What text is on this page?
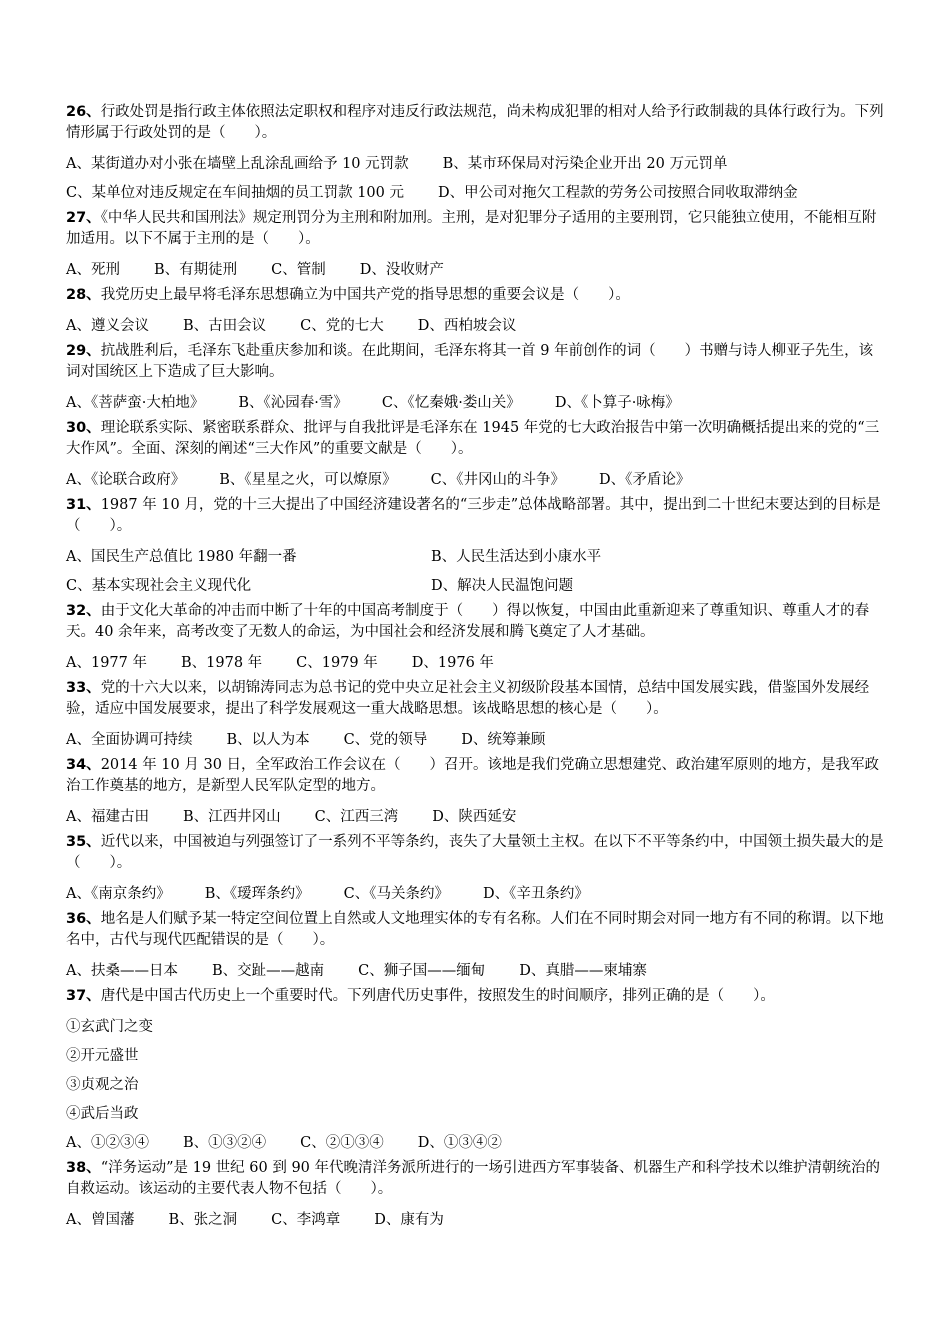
26、行政处罚是指行政主体依照法定职权和程序对违反行政法规范，尚未构成犯罪的相对人给予行政制裁的具体行政行为。下列情形属于行政处罚的是（　　）。

A、某街道办对小张在墙壁上乱涂乱画给予 10 元罚款 B、某市环保局对污染企业开出 20 万元罚单
C、某单位对违反规定在车间抽烟的员工罚款 100 元 D、甲公司对拖欠工程款的劳务公司按照合同收取滞纳金

27、《中华人民共和国刑法》规定刑罚分为主刑和附加刑。主刑，是对犯罪分子适用的主要刑罚，它只能独立使用，不能相互附加适用。以下不属于主刑的是（　　）。

A、死刑 B、有期徒刑 C、管制 D、没收财产

28、我党历史上最早将毛泽东思想确立为中国共产党的指导思想的重要会议是（　　）。

A、遵义会议 B、古田会议 C、党的七大 D、西柏坡会议

29、抗战胜利后，毛泽东飞赴重庆参加和谈。在此期间，毛泽东将其一首 9 年前创作的词（　　）书赠与诗人柳亚子先生，该词对国统区上下造成了巨大影响。

A、《菩萨蛮·大柏地》 B、《沁园春·雪》 C、《忆秦娥·娄山关》 D、《卜算子·咏梅》

30、理论联系实际、紧密联系群众、批评与自我批评是毛泽东在 1945 年党的七大政治报告中第一次明确概括提出来的党的“三大作风”。全面、深刻的阐述“三大作风”的重要文献是（　　）。

A、《论联合政府》 B、《星星之火，可以燎原》 C、《井冈山的斗争》 D、《矛盾论》

31、1987 年 10 月，党的十三大提出了中国经济建设著名的“三步走”总体战略部署。其中，提出到二十世纪末要达到的目标是（　　）。

A、国民生产总值比 1980 年翻一番	B、人民生活达到小康水平
C、基本实现社会主义现代化	D、解决人民温饱问题

32、由于文化大革命的冲击而中断了十年的中国高考制度于（　　）得以恢复，中国由此重新迎来了尊重知识、尊重人才的春天。40 余年来，高考改变了无数人的命运，为中国社会和经济发展和腾飞奠定了人才基础。

A、1977 年 B、1978 年 C、1979 年 D、1976 年

33、党的十六大以来，以胡锦涛同志为总书记的党中央立足社会主义初级阶段基本国情，总结中国发展实践，借鉴国外发展经验，适应中国发展要求，提出了科学发展观这一重大战略思想。该战略思想的核心是（　　）。

A、全面协调可持续 B、以人为本 C、党的领导 D、统筹兼顾

34、2014 年 10 月 30 日，全军政治工作会议在（　　）召开。该地是我们党确立思想建党、政治建军原则的地方，是我军政治工作奠基的地方，是新型人民军队定型的地方。

A、福建古田 B、江西井冈山 C、江西三湾 D、陕西延安

35、近代以来，中国被迫与列强签订了一系列不平等条约，丧失了大量领土主权。在以下不平等条约中，中国领土损失最大的是（　　）。

A、《南京条约》 B、《瑷珲条约》 C、《马关条约》 D、《辛丑条约》

36、地名是人们赋予某一特定空间位置上自然或人文地理实体的专有名称。人们在不同时期会对同一地方有不同的称谓。以下地名中，古代与现代匹配错误的是（　　）。

A、扶桑——日本 B、交趾——越南 C、狮子国——缅甸 D、真腊——柬埔寨

37、唐代是中国古代历史上一个重要时代。下列唐代历史事件，按照发生的时间顺序，排列正确的是（　　）。

①玄武门之变
②开元盛世
③贞观之治
④武后当政
A、①②③④ B、①③②④ C、②①③④ D、①③④②

38、“洋务运动”是 19 世纪 60 到 90 年代晚清洋务派所进行的一场引进西方军事装备、机器生产和科学技术以维护清朝统治的自救运动。该运动的主要代表人物不包括（　　）。

A、曾国藩 B、张之洞 C、李鸿章 D、康有为
